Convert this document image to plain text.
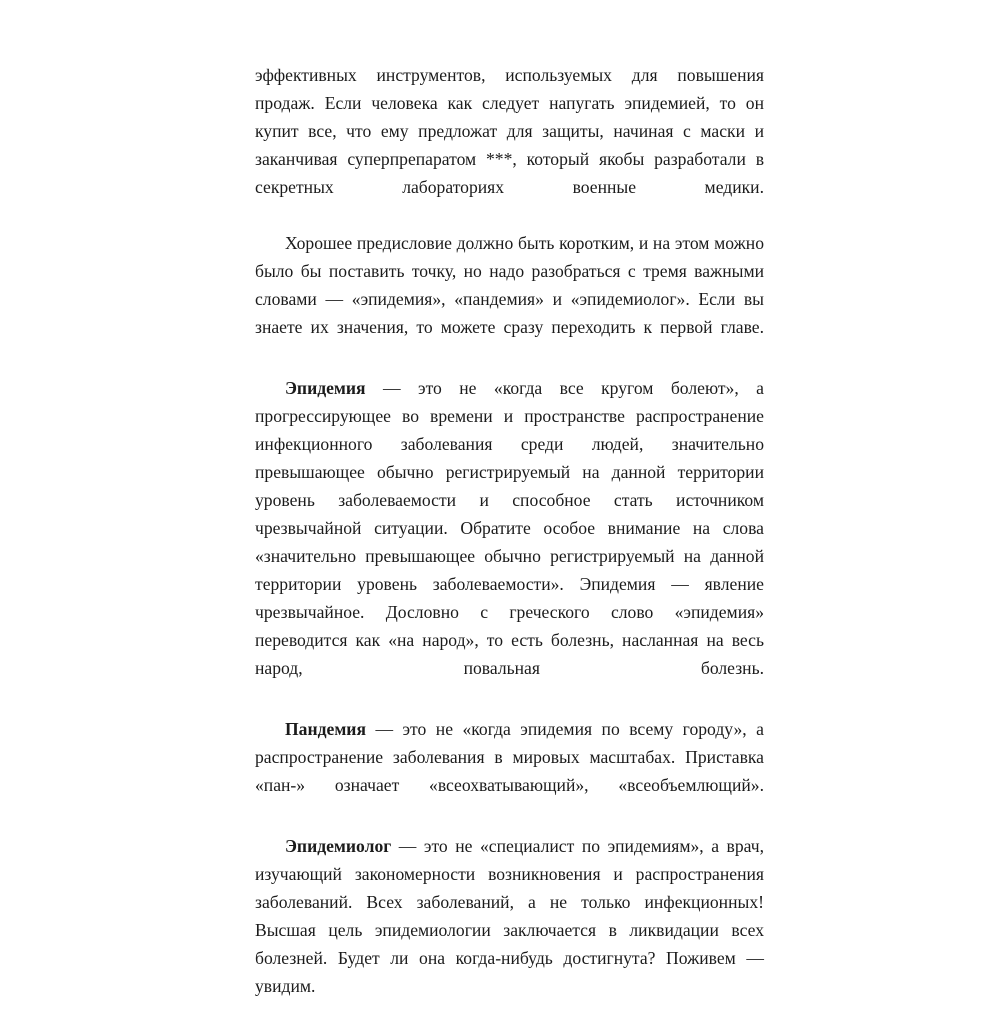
эффективных инструментов, используемых для повышения продаж. Если человека как следует напугать эпидемией, то он купит все, что ему предложат для защиты, начиная с маски и заканчивая суперпрепаратом ***, который якобы разработали в секретных лабораториях военные медики.

Хорошее предисловие должно быть коротким, и на этом можно было бы поставить точку, но надо разобраться с тремя важными словами — «эпидемия», «пандемия» и «эпидемиолог». Если вы знаете их значения, то можете сразу переходить к первой главе.

Эпидемия — это не «когда все кругом болеют», а прогрессирующее во времени и пространстве распространение инфекционного заболевания среди людей, значительно превышающее обычно регистрируемый на данной территории уровень заболеваемости и способное стать источником чрезвычайной ситуации. Обратите особое внимание на слова «значительно превышающее обычно регистрируемый на данной территории уровень заболеваемости». Эпидемия — явление чрезвычайное. Дословно с греческого слово «эпидемия» переводится как «на народ», то есть болезнь, насланная на весь народ, повальная болезнь.

Пандемия — это не «когда эпидемия по всему городу», а распространение заболевания в мировых масштабах. Приставка «пан-» означает «всеохватывающий», «всеобъемлющий».

Эпидемиолог — это не «специалист по эпидемиям», а врач, изучающий закономерности возникновения и распространения заболеваний. Всех заболеваний, а не только инфекционных! Высшая цель эпидемиологии заключается в ликвидации всех болезней. Будет ли она когда-нибудь достигнута? Поживем — увидим.
